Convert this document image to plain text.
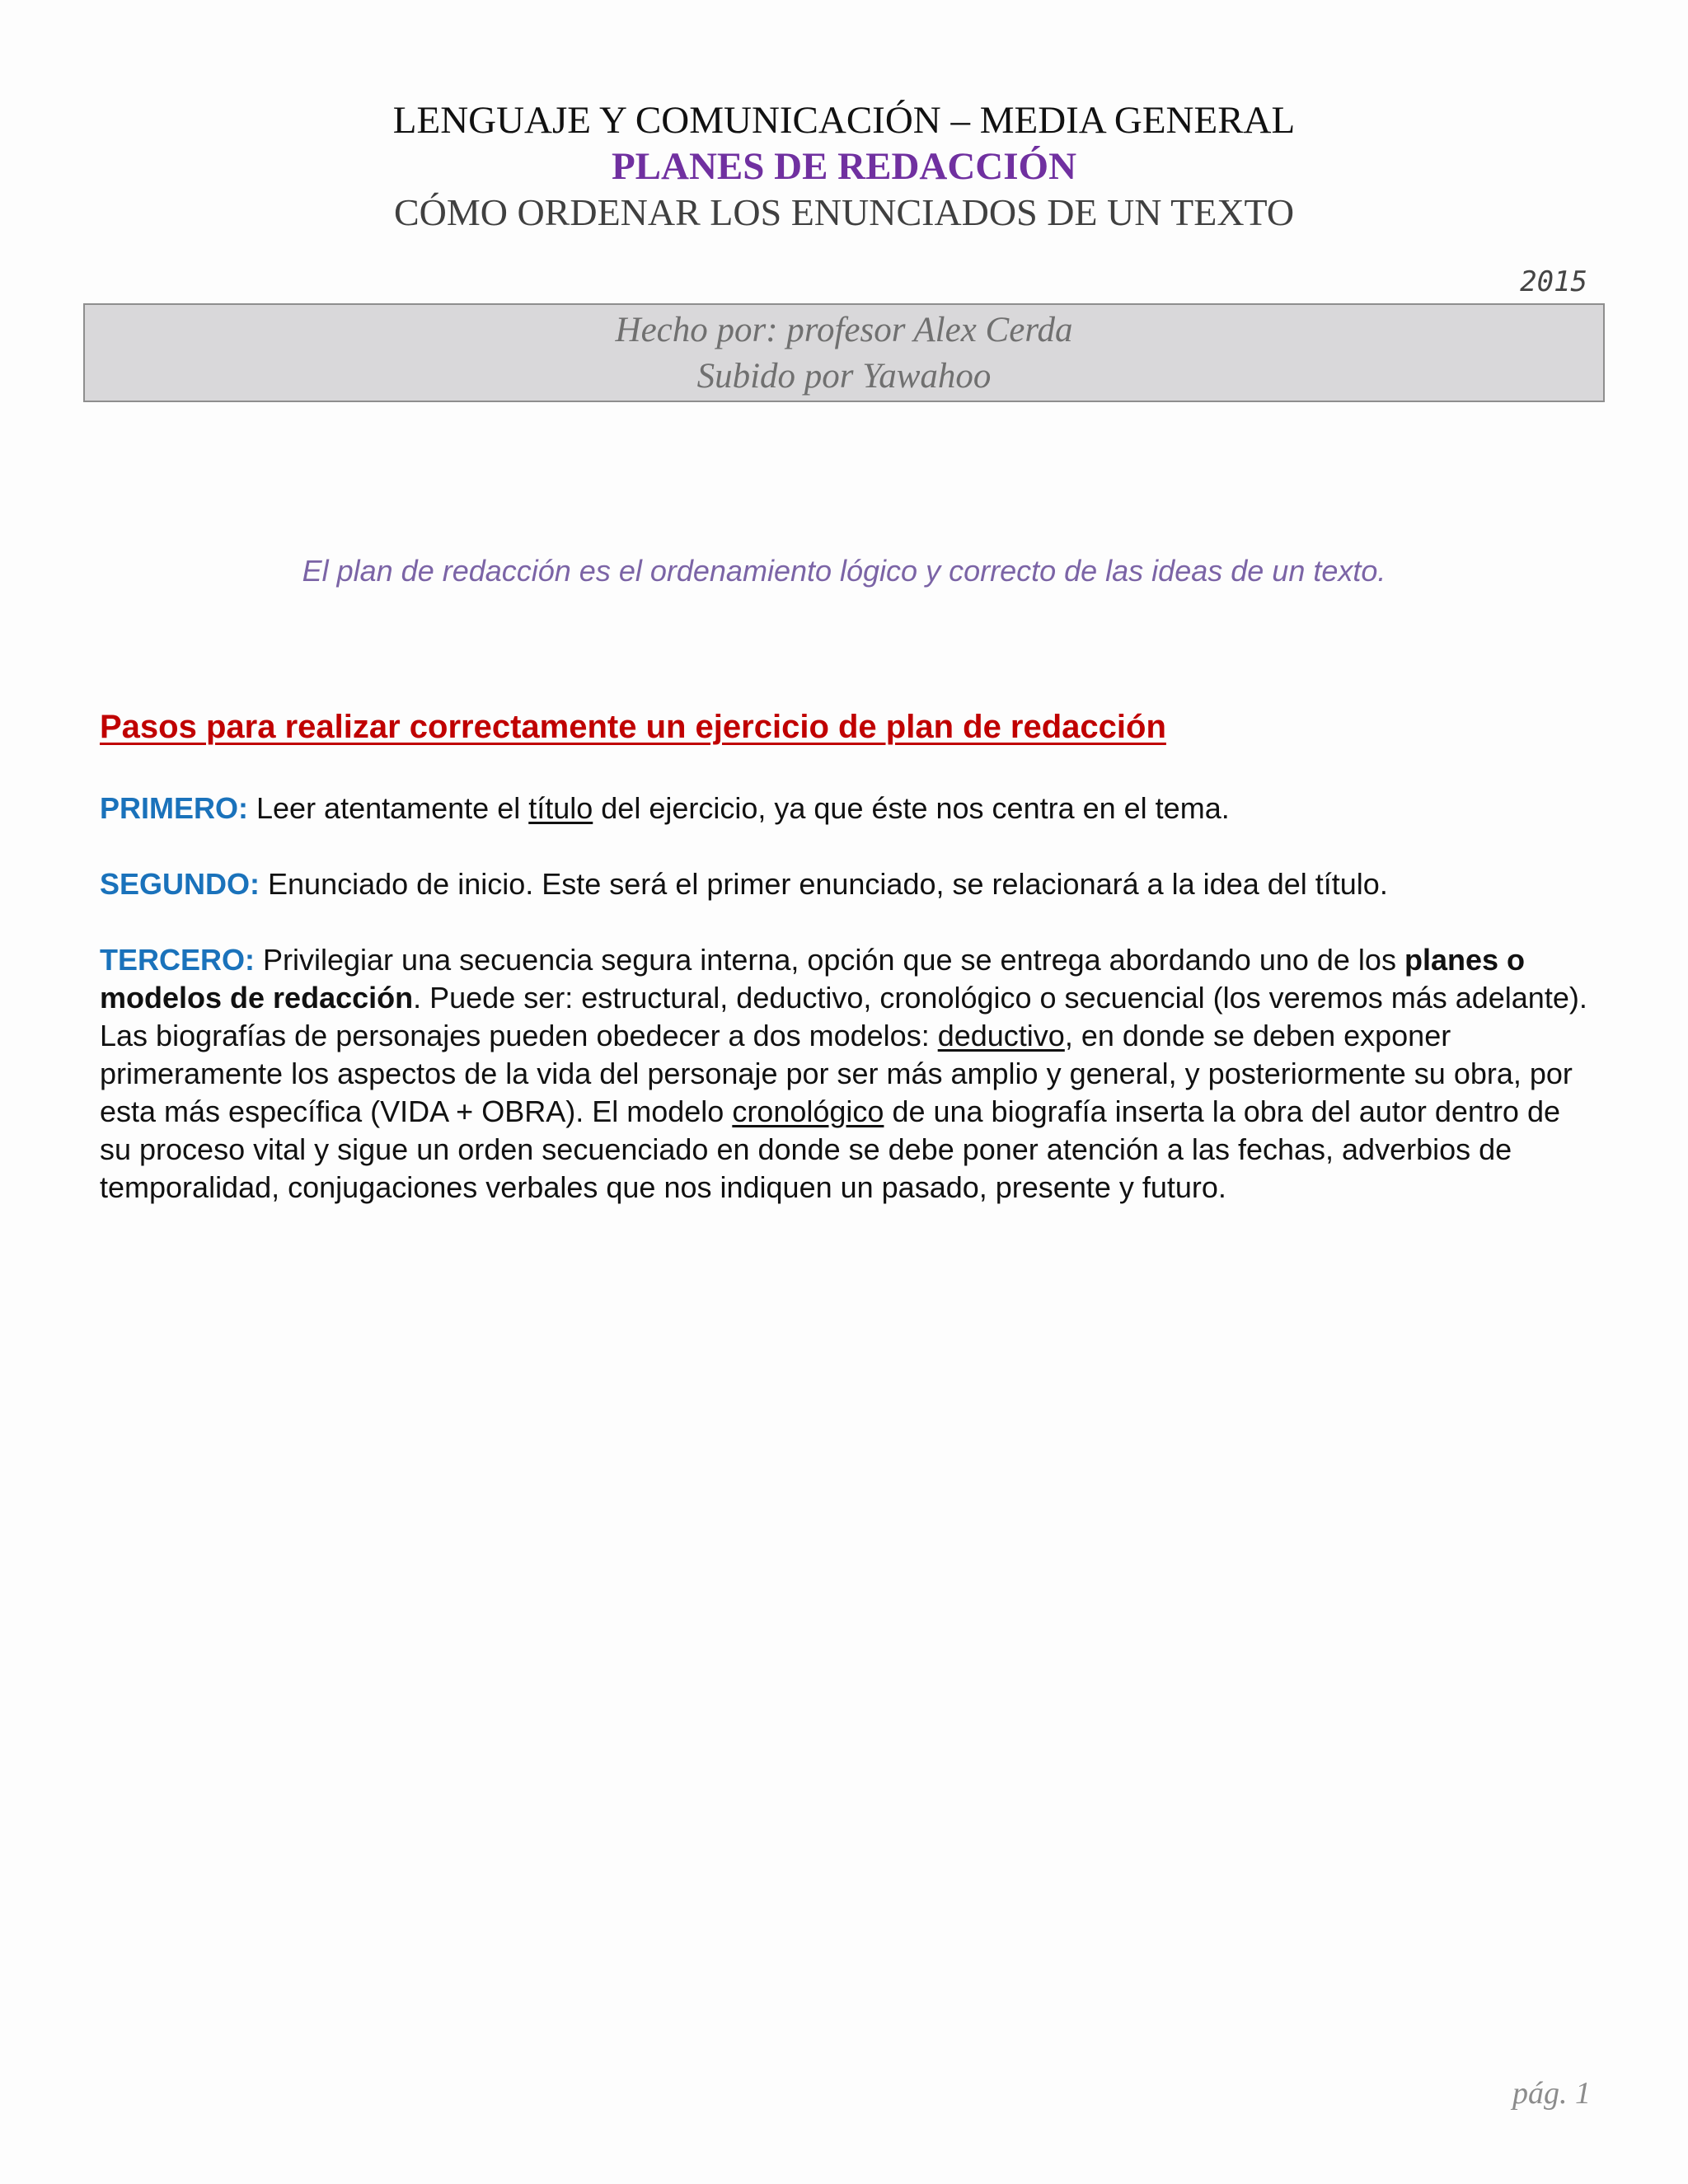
LENGUAJE Y COMUNICACIÓN – MEDIA GENERAL
PLANES DE REDACCIÓN
CÓMO ORDENAR LOS ENUNCIADOS DE UN TEXTO
2015
Hecho por: profesor Alex Cerda
Subido por Yawahoo
El plan de redacción es el ordenamiento lógico y correcto de las ideas de un texto.
Pasos para realizar correctamente un ejercicio de plan de redacción

PRIMERO: Leer atentamente el título del ejercicio, ya que éste nos centra en el tema.

SEGUNDO: Enunciado de inicio. Este será el primer enunciado, se relacionará a la idea del título.

TERCERO: Privilegiar una secuencia segura interna, opción que se entrega abordando uno de los planes o modelos de redacción. Puede ser: estructural, deductivo, cronológico o secuencial (los veremos más adelante).

Las biografías de personajes pueden obedecer a dos modelos: deductivo, en donde se deben exponer primeramente los aspectos de la vida del personaje por ser más amplio y general, y posteriormente su obra, por esta más específica (VIDA + OBRA). El modelo cronológico de una biografía inserta la obra del autor dentro de su proceso vital y sigue un orden secuenciado en donde se debe poner atención a las fechas, adverbios de temporalidad, conjugaciones verbales que nos indiquen un pasado, presente y futuro.

pág. 1
